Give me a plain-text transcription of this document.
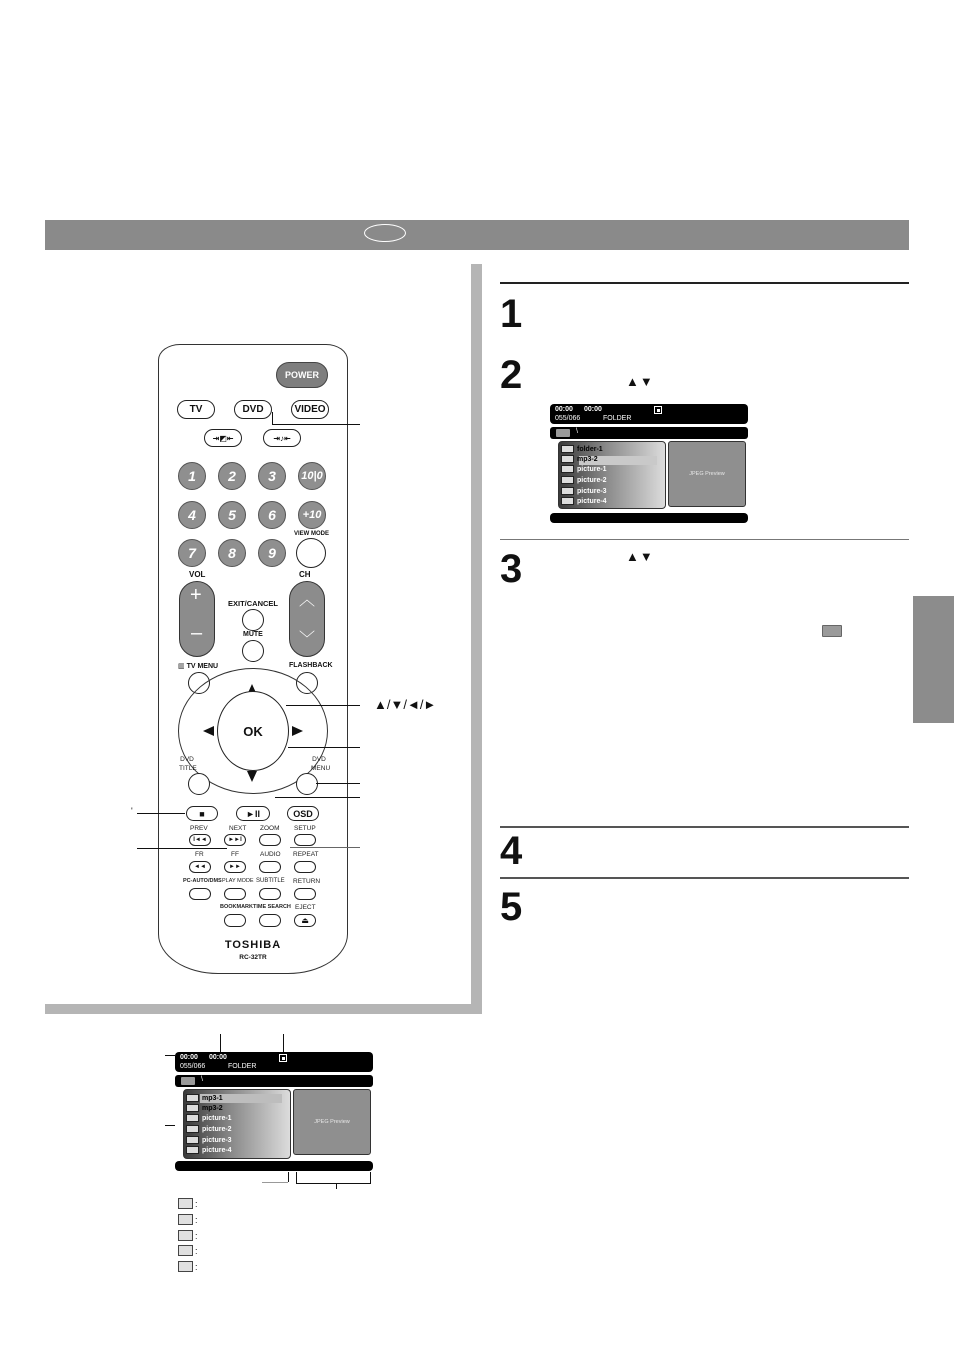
1
2
3
4
5
▲▼
▲▼
00:00 00:00
055/066	FOLDER
\
folder-1
mp3-2
picture-1
picture-2
picture-3
picture-4
JPEG Preview
POWER
TV	DVD	VIDEO
⇥◩⇤	⇥♪⇤
1	2	3	10|0
4	5	6	+10
7	8	9
VIEW MODE
VOL	CH
+
–
︿
﹀
EXIT/CANCEL
MUTE
▥ TV MENU	FLASHBACK
OK
DVD TITLE
DVD MENU
■	►II	OSD
PREV	NEXT ZOOM SETUP
I◄◄	►►I
FR	FF	AUDIO REPEAT
◄◄	►►
PC-AUTO/DMS PLAY MODE SUBTITLE RETURN
BOOKMARK TIME SEARCH EJECT
⏏
TOSHIBA
RC-32TR
▲/▼/◄/►
'
00:00 00:00
055/066	FOLDER
\
mp3-1
mp3-2
picture-1
picture-2
picture-3
picture-4
JPEG Preview
:
:
:
:
:
